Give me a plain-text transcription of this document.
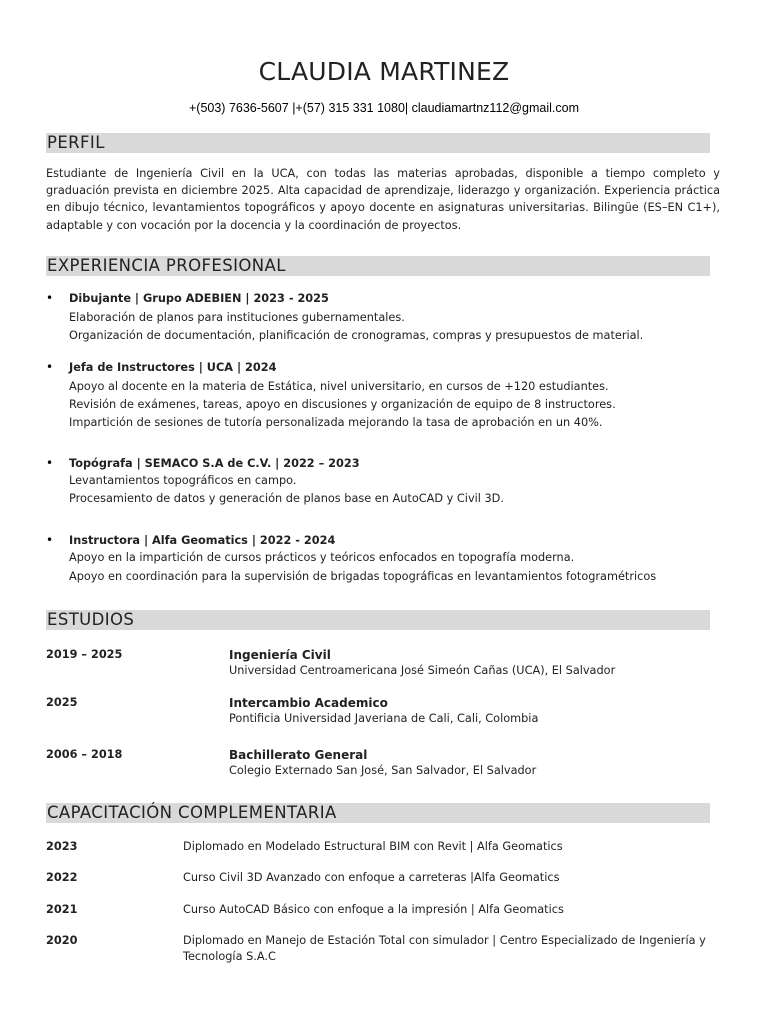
CLAUDIA MARTINEZ
+(503) 7636-5607 |+(57) 315 331 1080| claudiamartnz112@gmail.com
PERFIL
Estudiante de Ingeniería Civil en la UCA, con todas las materias aprobadas, disponible a tiempo completo y graduación prevista en diciembre 2025. Alta capacidad de aprendizaje, liderazgo y organización. Experiencia práctica en dibujo técnico, levantamientos topográficos y apoyo docente en asignaturas universitarias. Bilingüe (ES–EN C1+), adaptable y con vocación por la docencia y la coordinación de proyectos.
EXPERIENCIA PROFESIONAL
• Dibujante | Grupo ADEBIEN | 2023 - 2025
Elaboración de planos para instituciones gubernamentales.
Organización de documentación, planificación de cronogramas, compras y presupuestos de material.
• Jefa de Instructores | UCA | 2024
Apoyo al docente en la materia de Estática, nivel universitario, en cursos de +120 estudiantes.
Revisión de exámenes, tareas, apoyo en discusiones y organización de equipo de 8 instructores.
Impartición de sesiones de tutoría personalizada mejorando la tasa de aprobación en un 40%.
• Topógrafa | SEMACO S.A de C.V. | 2022 – 2023
Levantamientos topográficos en campo.
Procesamiento de datos y generación de planos base en AutoCAD y Civil 3D.
• Instructora | Alfa Geomatics | 2022 - 2024
Apoyo en la impartición de cursos prácticos y teóricos enfocados en topografía moderna.
Apoyo en coordinación para la supervisión de brigadas topográficas en levantamientos fotogramétricos
ESTUDIOS
2019 – 2025	Ingeniería Civil
Universidad Centroamericana José Simeón Cañas (UCA), El Salvador
2025	Intercambio Academico
Pontificia Universidad Javeriana de Cali, Cali, Colombia
2006 – 2018	Bachillerato General
Colegio Externado San José, San Salvador, El Salvador
CAPACITACIÓN COMPLEMENTARIA
2023	Diplomado en Modelado Estructural BIM con Revit | Alfa Geomatics
2022	Curso Civil 3D Avanzado con enfoque a carreteras |Alfa Geomatics
2021	Curso AutoCAD Básico con enfoque a la impresión | Alfa Geomatics
2020	Diplomado en Manejo de Estación Total con simulador | Centro Especializado de Ingeniería y Tecnología S.A.C
